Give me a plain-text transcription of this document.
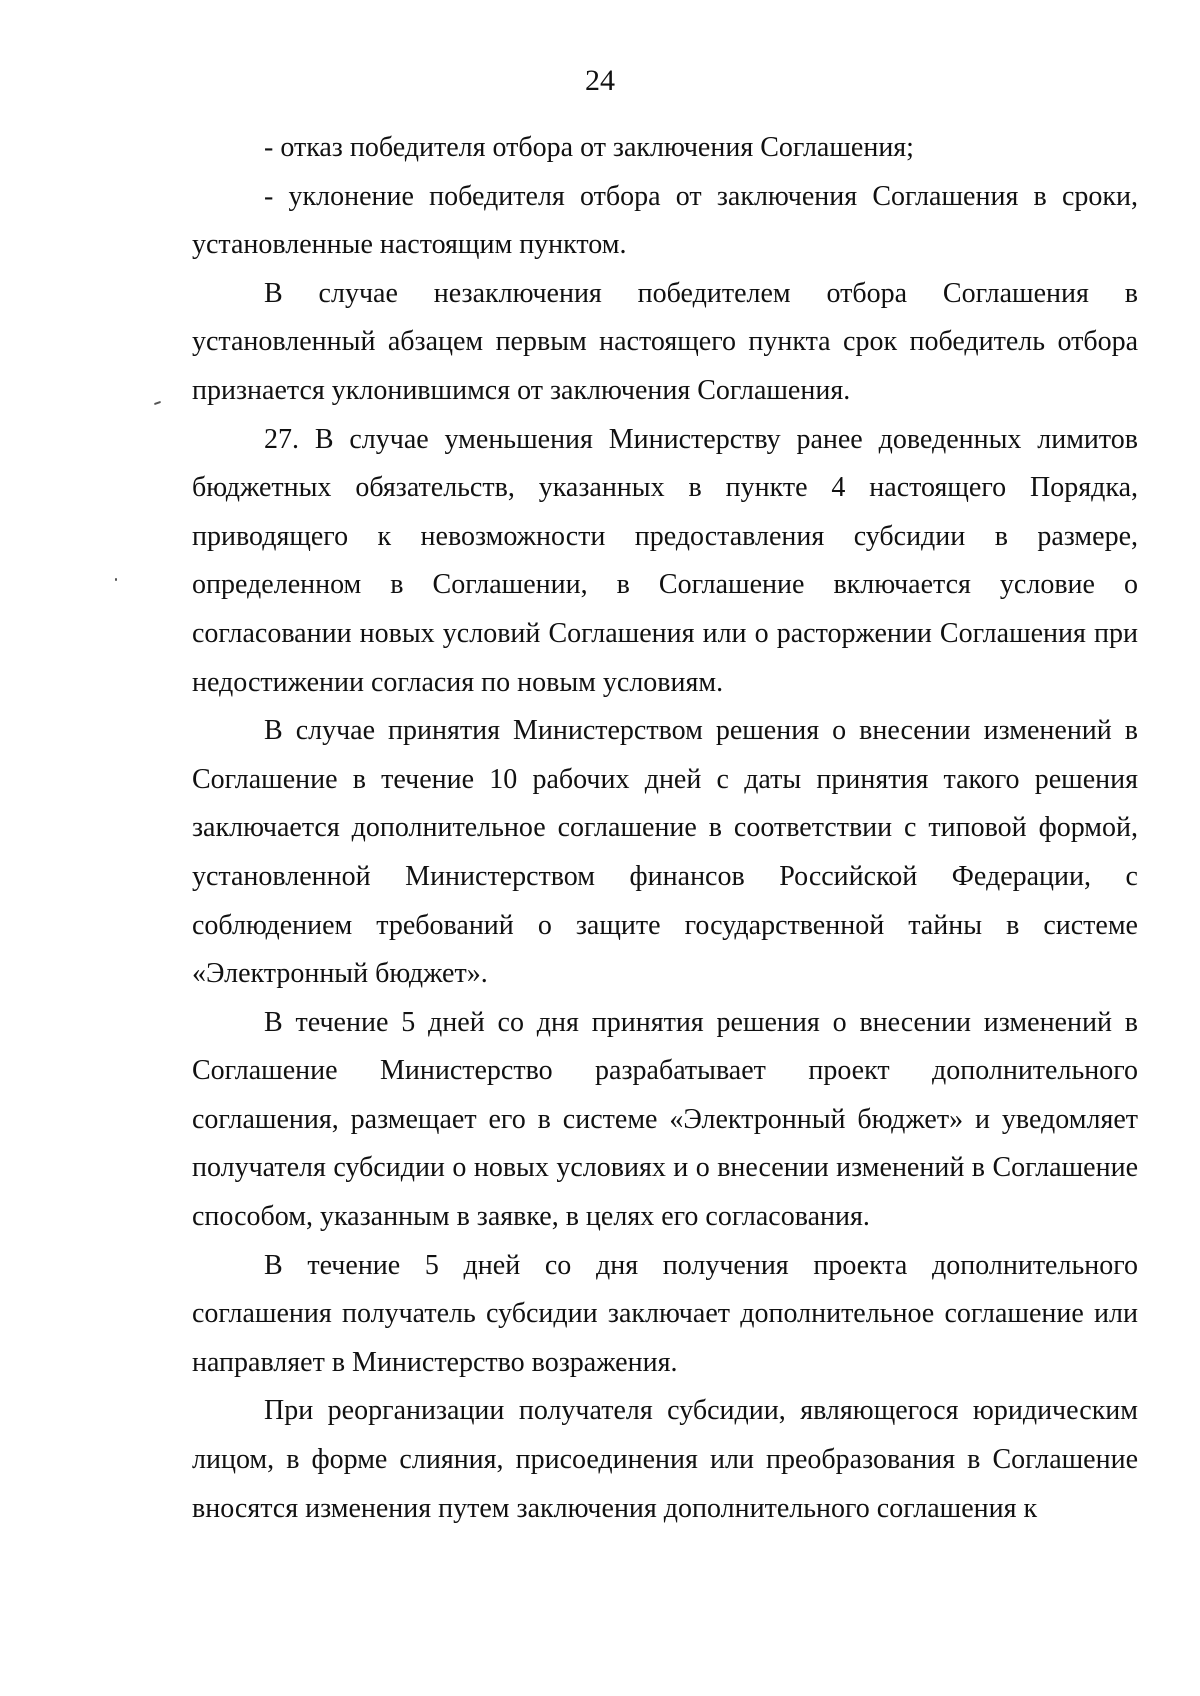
24

- отказ победителя отбора от заключения Соглашения;

- уклонение победителя отбора от заключения Соглашения в сроки, установленные настоящим пунктом.

В случае незаключения победителем отбора Соглашения в установленный абзацем первым настоящего пункта срок победитель отбора признается уклонившимся от заключения Соглашения.

27. В случае уменьшения Министерству ранее доведенных лимитов бюджетных обязательств, указанных в пункте 4 настоящего Порядка, приводящего к невозможности предоставления субсидии в размере, определенном в Соглашении, в Соглашение включается условие о согласовании новых условий Соглашения или о расторжении Соглашения при недостижении согласия по новым условиям.

В случае принятия Министерством решения о внесении изменений в Соглашение в течение 10 рабочих дней с даты принятия такого решения заключается дополнительное соглашение в соответствии с типовой формой, установленной Министерством финансов Российской Федерации, с соблюдением требований о защите государственной тайны в системе «Электронный бюджет».

В течение 5 дней со дня принятия решения о внесении изменений в Соглашение Министерство разрабатывает проект дополнительного соглашения, размещает его в системе «Электронный бюджет» и уведомляет получателя субсидии о новых условиях и о внесении изменений в Соглашение способом, указанным в заявке, в целях его согласования.

В течение 5 дней со дня получения проекта дополнительного соглашения получатель субсидии заключает дополнительное соглашение или направляет в Министерство возражения.

При реорганизации получателя субсидии, являющегося юридическим лицом, в форме слияния, присоединения или преобразования в Соглашение вносятся изменения путем заключения дополнительного соглашения к
